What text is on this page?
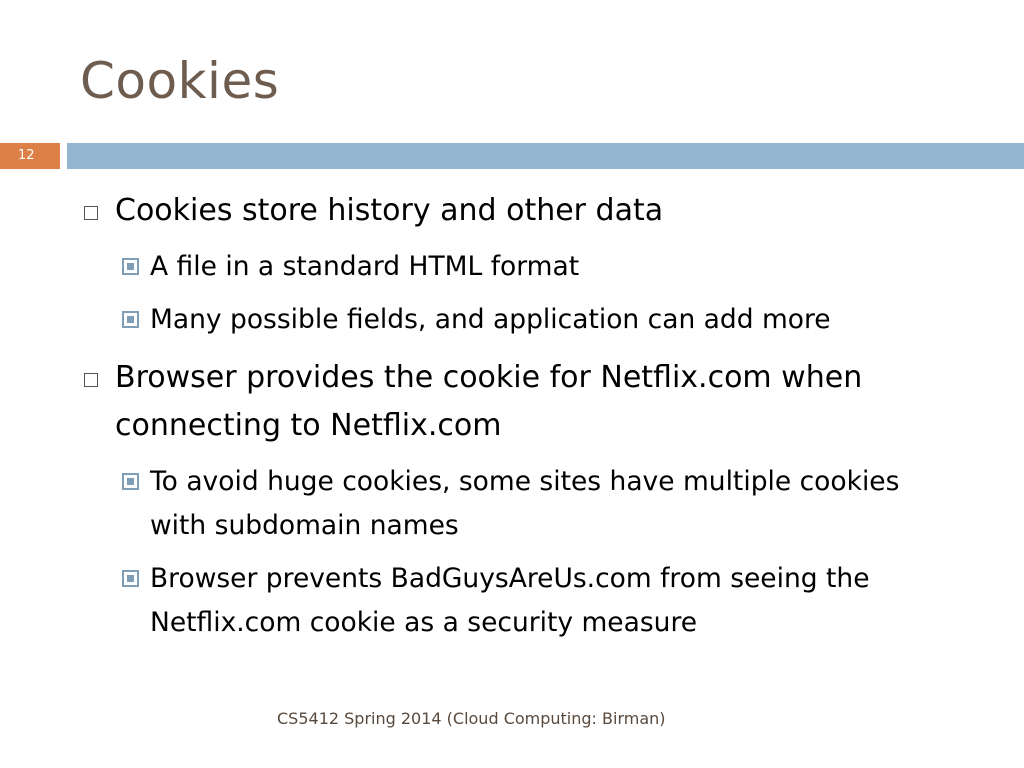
Cookies
12
Cookies store history and other data
A file in a standard HTML format
Many possible fields, and application can add more
Browser provides the cookie for Netflix.com when
connecting to Netflix.com
To avoid huge cookies, some sites have multiple cookies
with subdomain names
Browser prevents BadGuysAreUs.com from seeing the
Netflix.com cookie as a security measure
CS5412 Spring 2014 (Cloud Computing: Birman)
